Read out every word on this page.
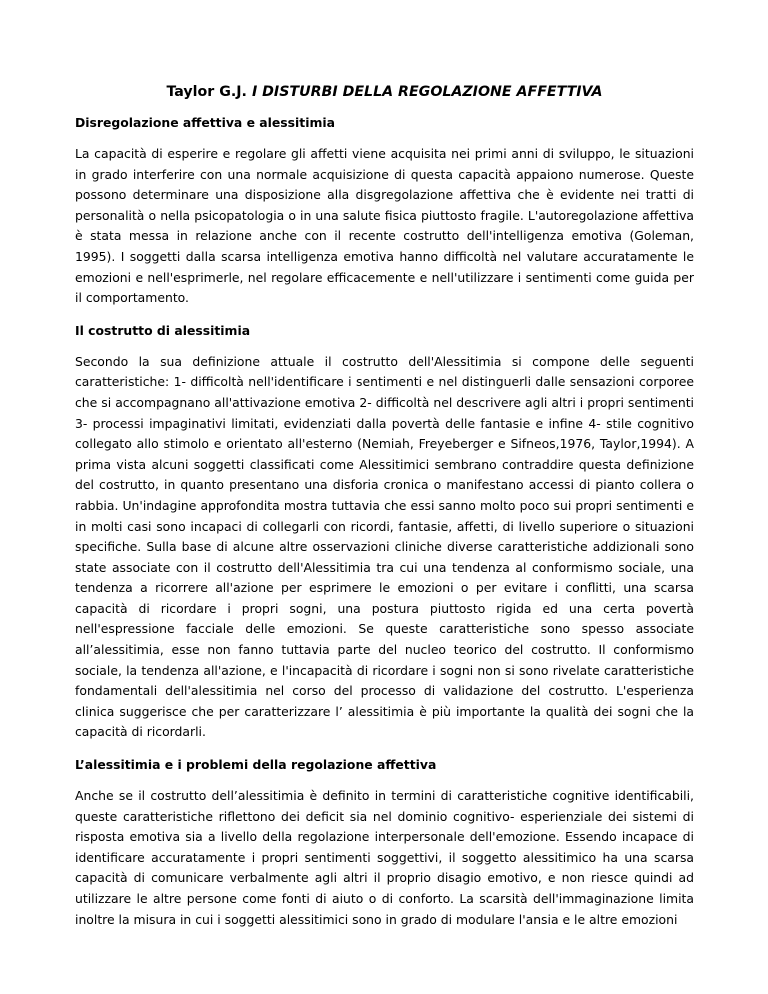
Taylor G.J. I DISTURBI DELLA REGOLAZIONE AFFETTIVA
Disregolazione affettiva e alessitimia
La capacità di esperire e regolare gli affetti viene acquisita nei primi anni di sviluppo, le situazioni in grado interferire con una normale acquisizione di questa capacità appaiono numerose. Queste possono determinare una disposizione alla disgregolazione affettiva che è evidente nei tratti di personalità o nella psicopatologia o in una salute fisica piuttosto fragile. L'autoregolazione affettiva è stata messa in relazione anche con il recente costrutto dell'intelligenza emotiva (Goleman, 1995). I soggetti dalla scarsa intelligenza emotiva hanno difficoltà nel valutare accuratamente le emozioni e nell'esprimerle, nel regolare efficacemente e nell'utilizzare i sentimenti come guida per il comportamento.
Il costrutto di alessitimia
Secondo la sua definizione attuale il costrutto dell'Alessitimia si compone delle seguenti caratteristiche: 1- difficoltà nell'identificare i sentimenti e nel distinguerli dalle sensazioni corporee che si accompagnano all'attivazione emotiva 2- difficoltà nel descrivere agli altri i propri sentimenti 3- processi impaginativi limitati, evidenziati dalla povertà delle fantasie e infine 4- stile cognitivo collegato allo stimolo e orientato all'esterno (Nemiah, Freyeberger e Sifneos,1976, Taylor,1994). A prima vista alcuni soggetti classificati come Alessitimici sembrano contraddire questa definizione del costrutto, in quanto presentano una disforia cronica o manifestano accessi di pianto collera o rabbia. Un'indagine approfondita mostra tuttavia che essi sanno molto poco sui propri sentimenti e in molti casi sono incapaci di collegarli con ricordi, fantasie, affetti, di livello superiore o situazioni specifiche. Sulla base di alcune altre osservazioni cliniche diverse caratteristiche addizionali sono state associate con il costrutto dell'Alessitimia tra cui una tendenza al conformismo sociale, una tendenza a ricorrere all'azione per esprimere le emozioni o per evitare i conflitti, una scarsa capacità di ricordare i propri sogni, una postura piuttosto rigida ed una certa povertà nell'espressione facciale delle emozioni. Se queste caratteristiche sono spesso associate all’alessitimia, esse non fanno tuttavia parte del nucleo teorico del costrutto. Il conformismo sociale, la tendenza all'azione, e l'incapacità di ricordare i sogni non si sono rivelate caratteristiche fondamentali dell'alessitimia nel corso del processo di validazione del costrutto. L'esperienza clinica suggerisce che per caratterizzare l’ alessitimia è più importante la qualità dei sogni che la capacità di ricordarli.
L’alessitimia e i problemi della regolazione affettiva
Anche se il costrutto dell’alessitimia è definito in termini di caratteristiche cognitive identificabili, queste caratteristiche riflettono dei deficit sia nel dominio cognitivo- esperienziale dei sistemi di risposta emotiva sia a livello della regolazione interpersonale dell'emozione. Essendo incapace di identificare accuratamente i propri sentimenti soggettivi, il soggetto alessitimico ha una scarsa capacità di comunicare verbalmente agli altri il proprio disagio emotivo, e non riesce quindi ad utilizzare le altre persone come fonti di aiuto o di conforto. La scarsità dell'immaginazione limita inoltre la misura in cui i soggetti alessitimici sono in grado di modulare l'ansia e le altre emozioni
